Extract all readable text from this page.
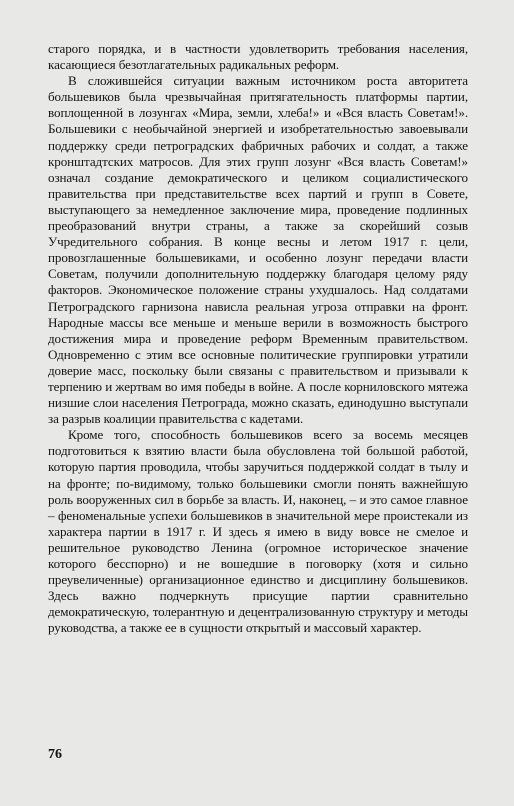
старого порядка, и в частности удовлетворить требования населения, касающиеся безотлагательных радикальных реформ.

В сложившейся ситуации важным источником роста авторитета большевиков была чрезвычайная притягательность платформы партии, воплощенной в лозунгах «Мира, земли, хлеба!» и «Вся власть Советам!». Большевики с необычайной энергией и изобретательностью завоевывали поддержку среди петроградских фабричных рабочих и солдат, а также кронштадтских матросов. Для этих групп лозунг «Вся власть Советам!» означал создание демократического и целиком социалистического правительства при представительстве всех партий и групп в Совете, выступающего за немедленное заключение мира, проведение подлинных преобразований внутри страны, а также за скорейший созыв Учредительного собрания. В конце весны и летом 1917 г. цели, провозглашенные большевиками, и особенно лозунг передачи власти Советам, получили дополнительную поддержку благодаря целому ряду факторов. Экономическое положение страны ухудшалось. Над солдатами Петроградского гарнизона нависла реальная угроза отправки на фронт. Народные массы все меньше и меньше верили в возможность быстрого достижения мира и проведение реформ Временным правительством. Одновременно с этим все основные политические группировки утратили доверие масс, поскольку были связаны с правительством и призывали к терпению и жертвам во имя победы в войне. А после корниловского мятежа низшие слои населения Петрограда, можно сказать, единодушно выступали за разрыв коалиции правительства с кадетами.

Кроме того, способность большевиков всего за восемь месяцев подготовиться к взятию власти была обусловлена той большой работой, которую партия проводила, чтобы заручиться поддержкой солдат в тылу и на фронте; по-видимому, только большевики смогли понять важнейшую роль вооруженных сил в борьбе за власть. И, наконец, – и это самое главное – феноменальные успехи большевиков в значительной мере проистекали из характера партии в 1917 г. И здесь я имею в виду вовсе не смелое и решительное руководство Ленина (огромное историческое значение которого бесспорно) и не вошедшие в поговорку (хотя и сильно преувеличенные) организационное единство и дисциплину большевиков. Здесь важно подчеркнуть присущие партии сравнительно демократическую, толерантную и децентрализованную структуру и методы руководства, а также ее в сущности открытый и массовый характер.

76
